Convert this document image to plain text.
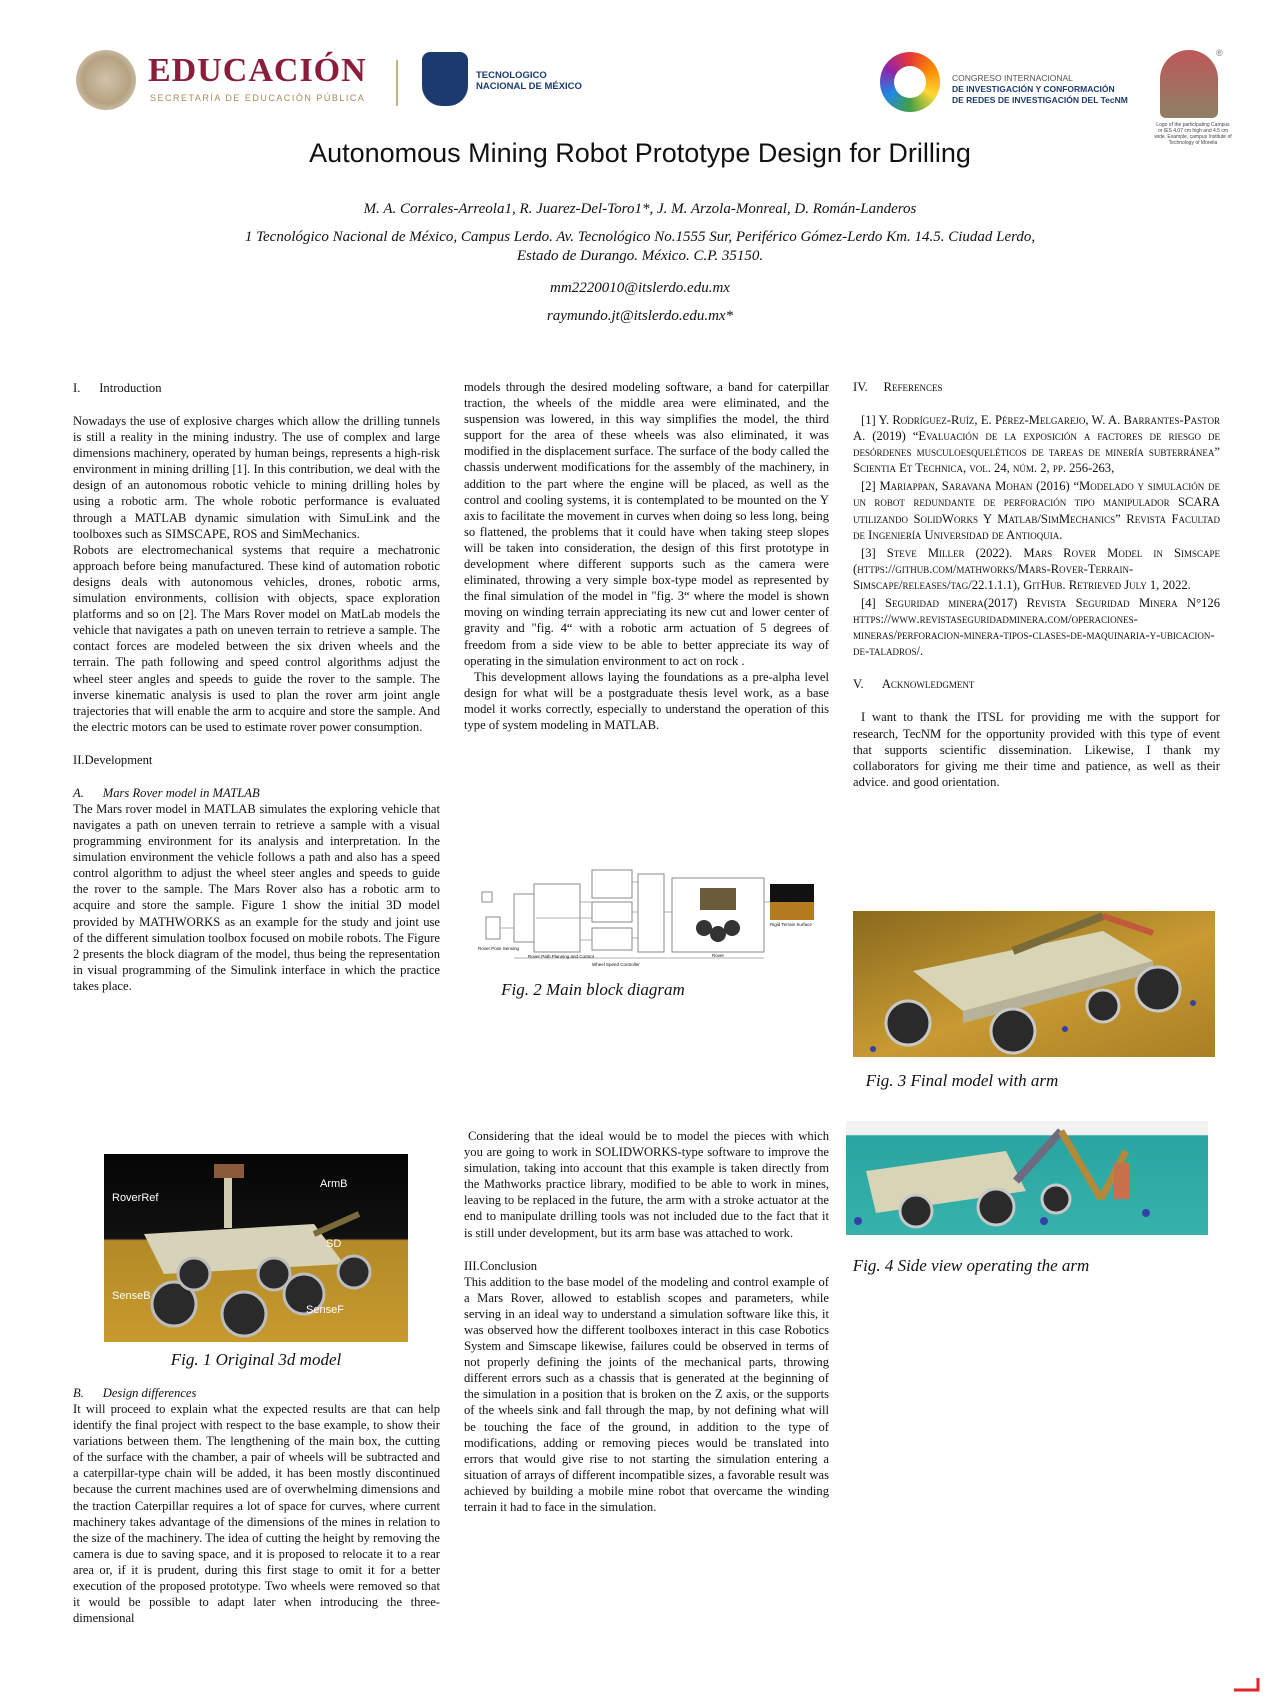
EDUCACIÓN
SECRETARÍA DE EDUCACIÓN PÚBLICA
TECNOLOGICO
NACIONAL DE MÉXICO
CONGRESO INTERNACIONAL
DE INVESTIGACIÓN Y CONFORMACIÓN
DE REDES DE INVESTIGACIÓN DEL TecNM
®
Logo of the participating Campus or IES 4.07 cm high and 4.5 cm wide. Example, campus Institute of Technology of Morelia
Autonomous Mining Robot Prototype Design for Drilling
M. A. Corrales-Arreola1, R. Juarez-Del-Toro1*, J. M. Arzola-Monreal, D. Román-Landeros
1 Tecnológico Nacional de México, Campus Lerdo. Av. Tecnológico No.1555 Sur, Periférico Gómez-Lerdo Km. 14.5. Ciudad Lerdo,
Estado de Durango. México. C.P. 35150.
mm2220010@itslerdo.edu.mx
raymundo.jt@itslerdo.edu.mx*
I.      Introduction

Nowadays the use of explosive charges which allow the drilling tunnels is still a reality in the mining industry. The use of complex and large dimensions machinery, operated by human beings, represents a high-risk environment in mining drilling [1]. In this contribution, we deal with the design of an autonomous robotic vehicle to mining drilling holes by using a robotic arm. The whole robotic performance is evaluated through a MATLAB dynamic simulation with SimuLink and the toolboxes such as SIMSCAPE, ROS and SimMechanics.

Robots are electromechanical systems that require a mechatronic approach before being manufactured. These kind of automation robotic designs deals with autonomous vehicles, drones, robotic arms, simulation environments, collision with objects, space exploration platforms and so on [2]. The Mars Rover model on MatLab models the vehicle that navigates a path on uneven terrain to retrieve a sample. The contact forces are modeled between the six driven wheels and the terrain. The path following and speed control algorithms adjust the wheel steer angles and speeds to guide the rover to the sample. The inverse kinematic analysis is used to plan the rover arm joint angle trajectories that will enable the arm to acquire and store the sample. And the electric motors can be used to estimate rover power consumption.

II.Development
A.      Mars Rover model in MATLAB

The Mars rover model in MATLAB simulates the exploring vehicle that navigates a path on uneven terrain to retrieve a sample with a visual programming environment for its analysis and interpretation. In the simulation environment the vehicle follows a path and also has a speed control algorithm to adjust the wheel steer angles and speeds to guide the rover to the sample. The Mars Rover also has a robotic arm to acquire and store the sample. Figure 1 show the initial 3D model provided by MATHWORKS as an example for the study and joint use of the different simulation toolbox focused on mobile robots. The Figure 2 presents the block diagram of the model, thus being the representation in visual programming of the Simulink interface in which the practice takes place.

RoverRef
ArmB
SD
SenseB
SenseF
Fig. 1 Original 3d model
B.      Design differences

It will proceed to explain what the expected results are that can help identify the final project with respect to the base example, to show their variations between them. The lengthening of the main box, the cutting of the surface with the chamber, a pair of wheels will be subtracted and a caterpillar-type chain will be added, it has been mostly discontinued because the current machines used are of overwhelming dimensions and the traction Caterpillar requires a lot of space for curves, where current machinery takes advantage of the dimensions of the mines in relation to the size of the machinery. The idea of cutting the height by removing the camera is due to saving space, and it is proposed to relocate it to a rear area or, if it is prudent, during this first stage to omit it for a better execution of the proposed prototype. Two wheels were removed so that it would be possible to adapt later when introducing the three-dimensional

models through the desired modeling software, a band for caterpillar traction, the wheels of the middle area were eliminated, and the suspension was lowered, in this way simplifies the model, the third support for the area of these wheels was also eliminated, it was modified in the displacement surface. The surface of the body called the chassis underwent modifications for the assembly of the machinery, in addition to the part where the engine will be placed, as well as the control and cooling systems, it is contemplated to be mounted on the Y axis to facilitate the movement in curves when doing so less long, being so flattened, the problems that it could have when taking steep slopes will be taken into consideration, the design of this first prototype in development where different supports such as the camera were eliminated, throwing a very simple box-type model as represented by the final simulation of the model in "fig. 3“ where the model is shown moving on winding terrain appreciating its new cut and lower center of gravity and "fig. 4“ with a robotic arm actuation of 5 degrees of freedom from a side view to be able to better appreciate its way of operating in the simulation environment to act on rock .

This development allows laying the foundations as a pre-alpha level design for what will be a postgraduate thesis level work, as a base model it works correctly, especially to understand the operation of this type of system modeling in MATLAB.

Rover Pose Sensing
Rover Path Planning and Control
Wheel Speed Controller
Rover
Rigid Terrain Surface
Fig. 2 Main block diagram

Considering that the ideal would be to model the pieces with which you are going to work in SOLIDWORKS-type software to improve the simulation, taking into account that this example is taken directly from the Mathworks practice library, modified to be able to work in mines, leaving to be replaced in the future, the arm with a stroke actuator at the end to manipulate drilling tools was not included due to the fact that it is still under development, but its arm base was attached to work.

III.Conclusion

This addition to the base model of the modeling and control example of a Mars Rover, allowed to establish scopes and parameters, while serving in an ideal way to understand a simulation software like this, it was observed how the different toolboxes interact in this case Robotics System and Simscape likewise, failures could be observed in terms of not properly defining the joints of the mechanical parts, throwing different errors such as a chassis that is generated at the beginning of the simulation in a position that is broken on the Z axis, or the supports of the wheels sink and fall through the map, by not defining what will be touching the face of the ground, in addition to the type of modifications, adding or removing pieces would be translated into errors that would give rise to not starting the simulation entering a situation of arrays of different incompatible sizes, a favorable result was achieved by building a mobile mine robot that overcame the winding terrain it had to face in the simulation.

IV.     References

[1] Y. Rodríguez-Ruíz, E. Pérez-Melgarejo, W. A. Barrantes-Pastor A. (2019) “Evaluación de la exposición a factores de riesgo de desórdenes musculoesqueléticos de tareas de minería subterránea” Scientia Et Technica, vol. 24, núm. 2, pp. 256-263,

[2] Mariappan, Saravana Mohan (2016) “Modelado y simulación de un robot redundante de perforación tipo manipulador SCARA utilizando SolidWorks Y Matlab/SimMechanics” Revista Facultad de Ingeniería Universidad de Antioquia.

[3] Steve Miller (2022). Mars Rover Model in Simscape (https://github.com/mathworks/Mars-Rover-Terrain-Simscape/releases/tag/22.1.1.1), GitHub. Retrieved July 1, 2022.

[4] Seguridad minera(2017) Revista Seguridad Minera N°126 https://www.revistaseguridadminera.com/operaciones-mineras/perforacion-minera-tipos-clases-de-maquinaria-y-ubicacion-de-taladros/.

V.      Acknowledgment

I want to thank the ITSL for providing me with the support for research, TecNM for the opportunity provided with this type of event that supports scientific dissemination. Likewise, I thank my collaborators for giving me their time and patience, as well as their advice. and good orientation.

Fig. 3 Final model with arm
Fig. 4 Side view operating the arm
